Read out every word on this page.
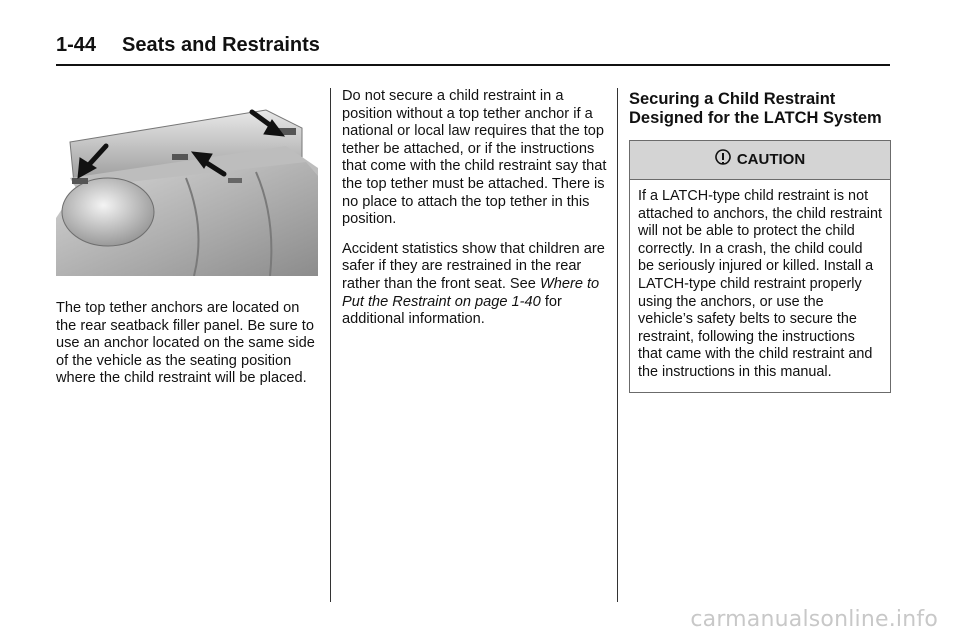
1-44 Seats and Restraints

The top tether anchors are located on the rear seatback filler panel. Be sure to use an anchor located on the same side of the vehicle as the seating position where the child restraint will be placed.

Do not secure a child restraint in a position without a top tether anchor if a national or local law requires that the top tether be attached, or if the instructions that come with the child restraint say that the top tether must be attached. There is no place to attach the top tether in this position.

Accident statistics show that children are safer if they are restrained in the rear rather than the front seat. See Where to Put the Restraint on page 1-40 for additional information.

Securing a Child Restraint Designed for the LATCH System
CAUTION
If a LATCH-type child restraint is not attached to anchors, the child restraint will not be able to protect the child correctly. In a crash, the child could be seriously injured or killed. Install a LATCH-type child restraint properly using the anchors, or use the vehicle’s safety belts to secure the restraint, following the instructions that came with the child restraint and the instructions in this manual.
carmanualsonline.info
